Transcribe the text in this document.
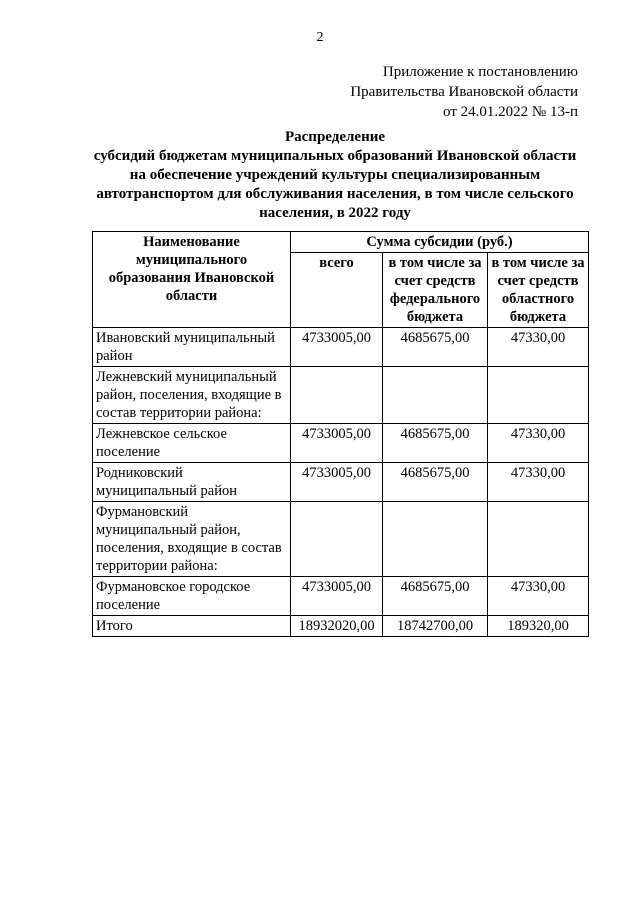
2
Приложение к постановлению
Правительства Ивановской области
от 24.01.2022 № 13-п
Распределение
субсидий бюджетам муниципальных образований Ивановской области
на обеспечение учреждений культуры специализированным
автотранспортом для обслуживания населения, в том числе сельского
населения, в 2022 году
Наименование муниципального образования Ивановской области	Сумма субсидии (руб.)		
	всего	в том числе за счет средств федерального бюджета	в том числе за счет средств областного бюджета
Ивановский муниципальный район	4733005,00	4685675,00	47330,00
Лежневский муниципальный район, поселения, входящие в состав территории района:			
Лежневское сельское поселение	4733005,00	4685675,00	47330,00
Родниковский муниципальный район	4733005,00	4685675,00	47330,00
Фурмановский муниципальный район, поселения, входящие в состав территории района:			
Фурмановское городское поселение	4733005,00	4685675,00	47330,00
Итого	18932020,00	18742700,00	189320,00
